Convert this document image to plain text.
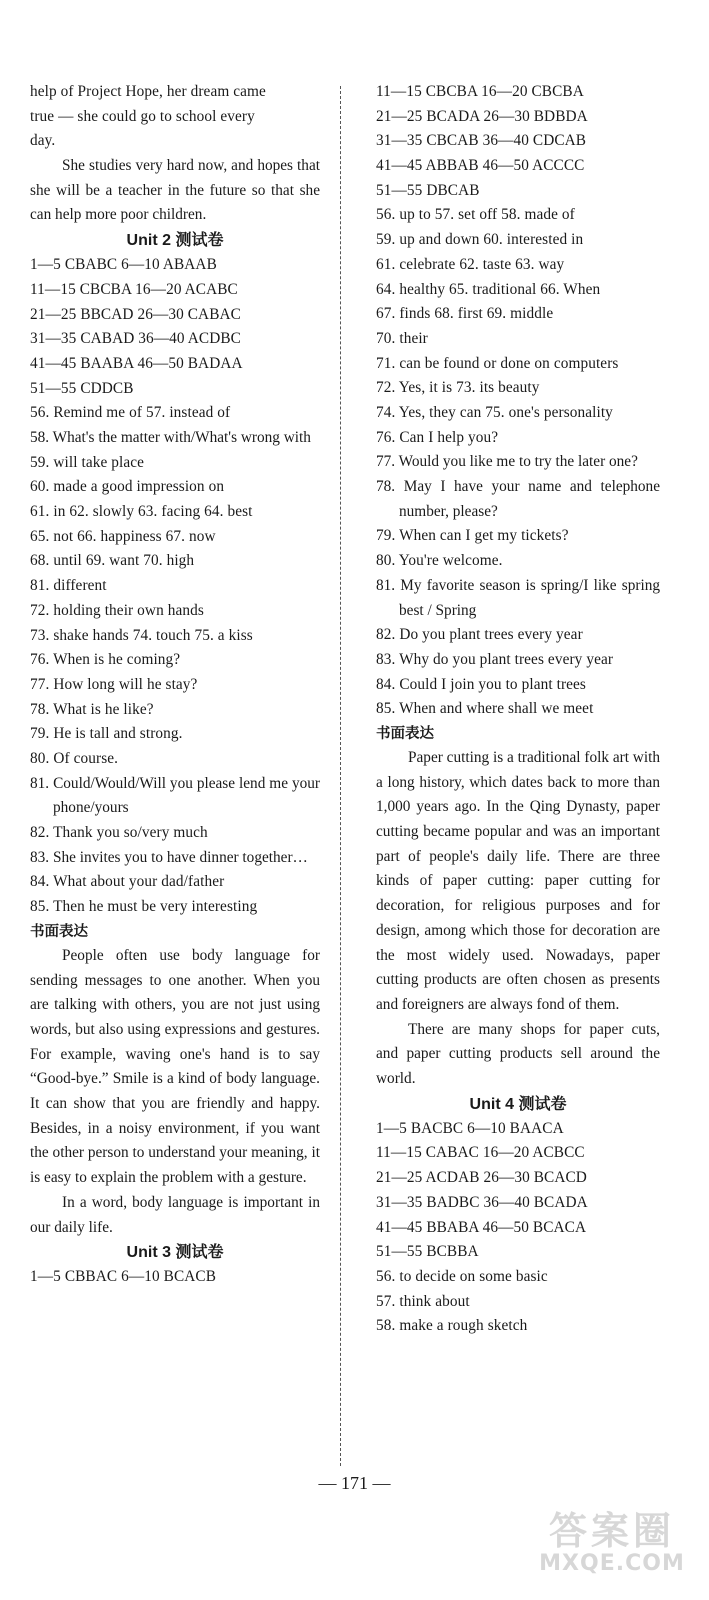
help of Project Hope, her dream came
true — she could go to school every
day.

She studies very hard now, and hopes that she will be a teacher in the future so that she can help more poor children.

Unit 2 测试卷
1—5 CBABC 6—10 ABAAB
11—15 CBCBA 16—20 ACABC
21—25 BBCAD 26—30 CABAC
31—35 CABAD 36—40 ACDBC
41—45 BAABA 46—50 BADAA
51—55 CDDCB
56. Remind me of 57. instead of

58. What's the matter with/What's wrong with

59. will take place
60. made a good impression on
61. in 62. slowly 63. facing 64. best
65. not 66. happiness 67. now
68. until 69. want 70. high
81. different
72. holding their own hands
73. shake hands 74. touch 75. a kiss
76. When is he coming?
77. How long will he stay?
78. What is he like?
79. He is tall and strong.
80. Of course.

81. Could/Would/Will you please lend me your phone/yours

82. Thank you so/very much

83. She invites you to have dinner together…

84. What about your dad/father
85. Then he must be very interesting
书面表达

People often use body language for sending messages to one another. When you are talking with others, you are not just using words, but also using expressions and gestures. For example, waving one's hand is to say “Good-bye.” Smile is a kind of body language. It can show that you are friendly and happy. Besides, in a noisy environment, if you want the other person to understand your meaning, it is easy to explain the problem with a gesture.

In a word, body language is important in our daily life.

Unit 3 测试卷
1—5 CBBAC 6—10 BCACB
11—15 CBCBA 16—20 CBCBA
21—25 BCADA 26—30 BDBDA
31—35 CBCAB 36—40 CDCAB
41—45 ABBAB 46—50 ACCCC
51—55 DBCAB
56. up to 57. set off 58. made of
59. up and down 60. interested in
61. celebrate 62. taste 63. way
64. healthy 65. traditional 66. When
67. finds 68. first 69. middle
70. their
71. can be found or done on computers
72. Yes, it is 73. its beauty
74. Yes, they can 75. one's personality
76. Can I help you?

77. Would you like me to try the later one?

78. May I have your name and telephone number, please?

79. When can I get my tickets?
80. You're welcome.

81. My favorite season is spring/I like spring best / Spring

82. Do you plant trees every year
83. Why do you plant trees every year
84. Could I join you to plant trees
85. When and where shall we meet
书面表达

Paper cutting is a traditional folk art with a long history, which dates back to more than 1,000 years ago. In the Qing Dynasty, paper cutting became popular and was an important part of people's daily life. There are three kinds of paper cutting: paper cutting for decoration, for religious purposes and for design, among which those for decoration are the most widely used. Nowadays, paper cutting products are often chosen as presents and foreigners are always fond of them.

There are many shops for paper cuts, and paper cutting products sell around the world.

Unit 4 测试卷
1—5 BACBC 6—10 BAACA
11—15 CABAC 16—20 ACBCC
21—25 ACDAB 26—30 BCACD
31—35 BADBC 36—40 BCADA
41—45 BBABA 46—50 BCACA
51—55 BCBBA
56. to decide on some basic
57. think about
58. make a rough sketch
— 171 —
答案圈
MXQE.COM
